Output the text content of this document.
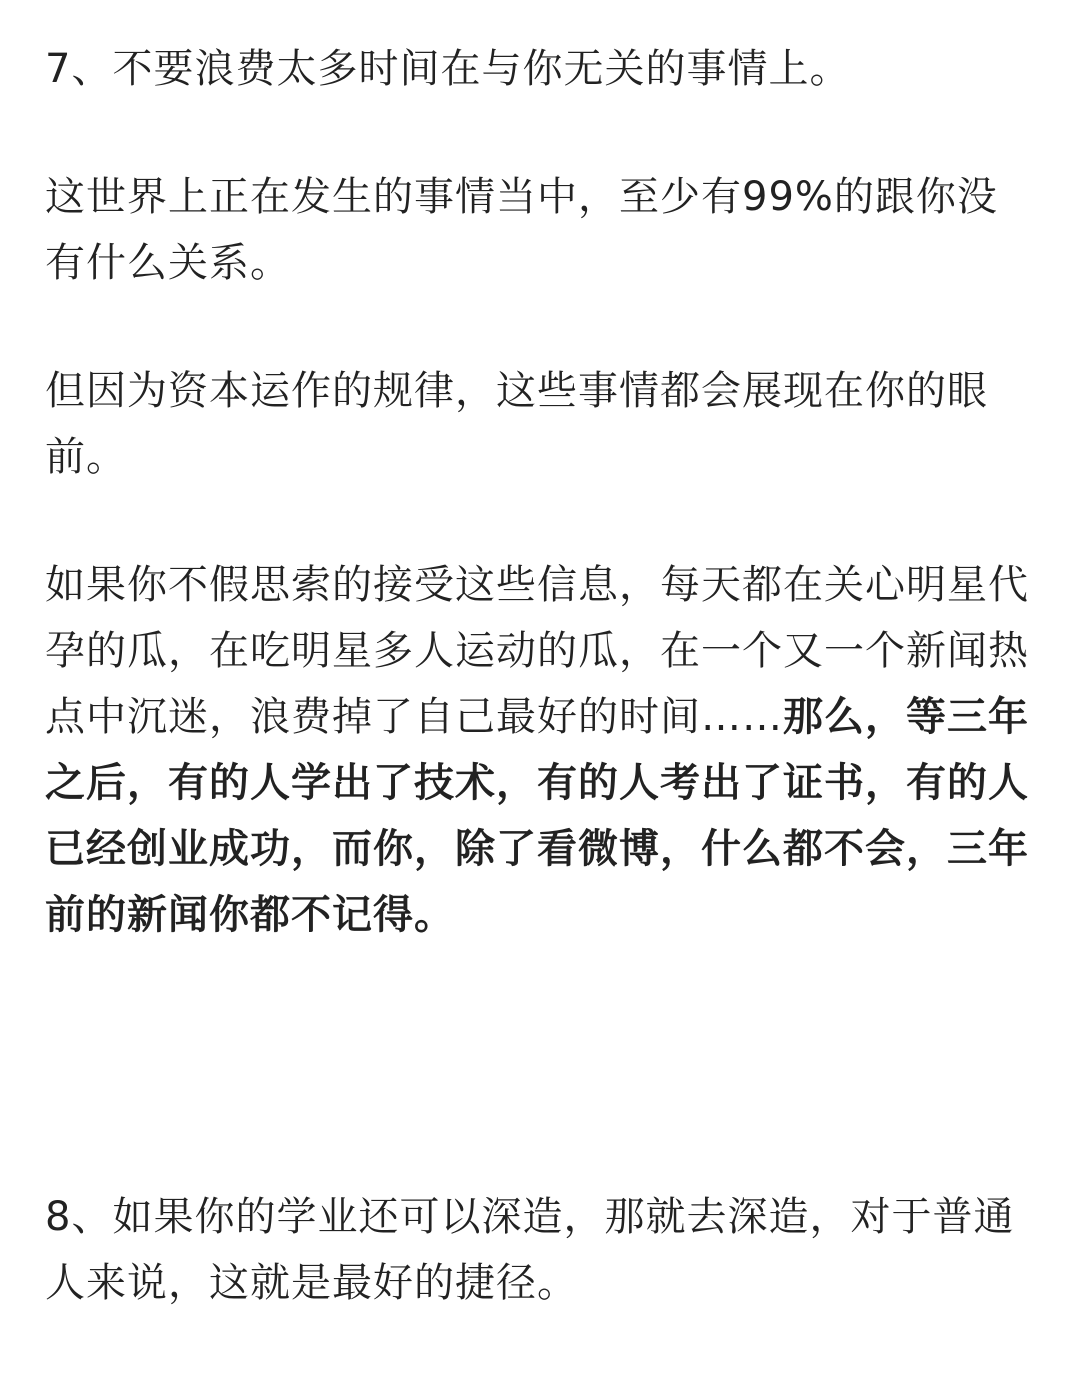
7、不要浪费太多时间在与你无关的事情上。

这世界上正在发生的事情当中，至少有99%的跟你没有什么关系。

但因为资本运作的规律，这些事情都会展现在你的眼前。

如果你不假思索的接受这些信息，每天都在关心明星代孕的瓜，在吃明星多人运动的瓜，在一个又一个新闻热点中沉迷，浪费掉了自己最好的时间……那么，等三年之后，有的人学出了技术，有的人考出了证书，有的人已经创业成功，而你，除了看微博，什么都不会，三年前的新闻你都不记得。

8、如果你的学业还可以深造，那就去深造，对于普通人来说，这就是最好的捷径。
